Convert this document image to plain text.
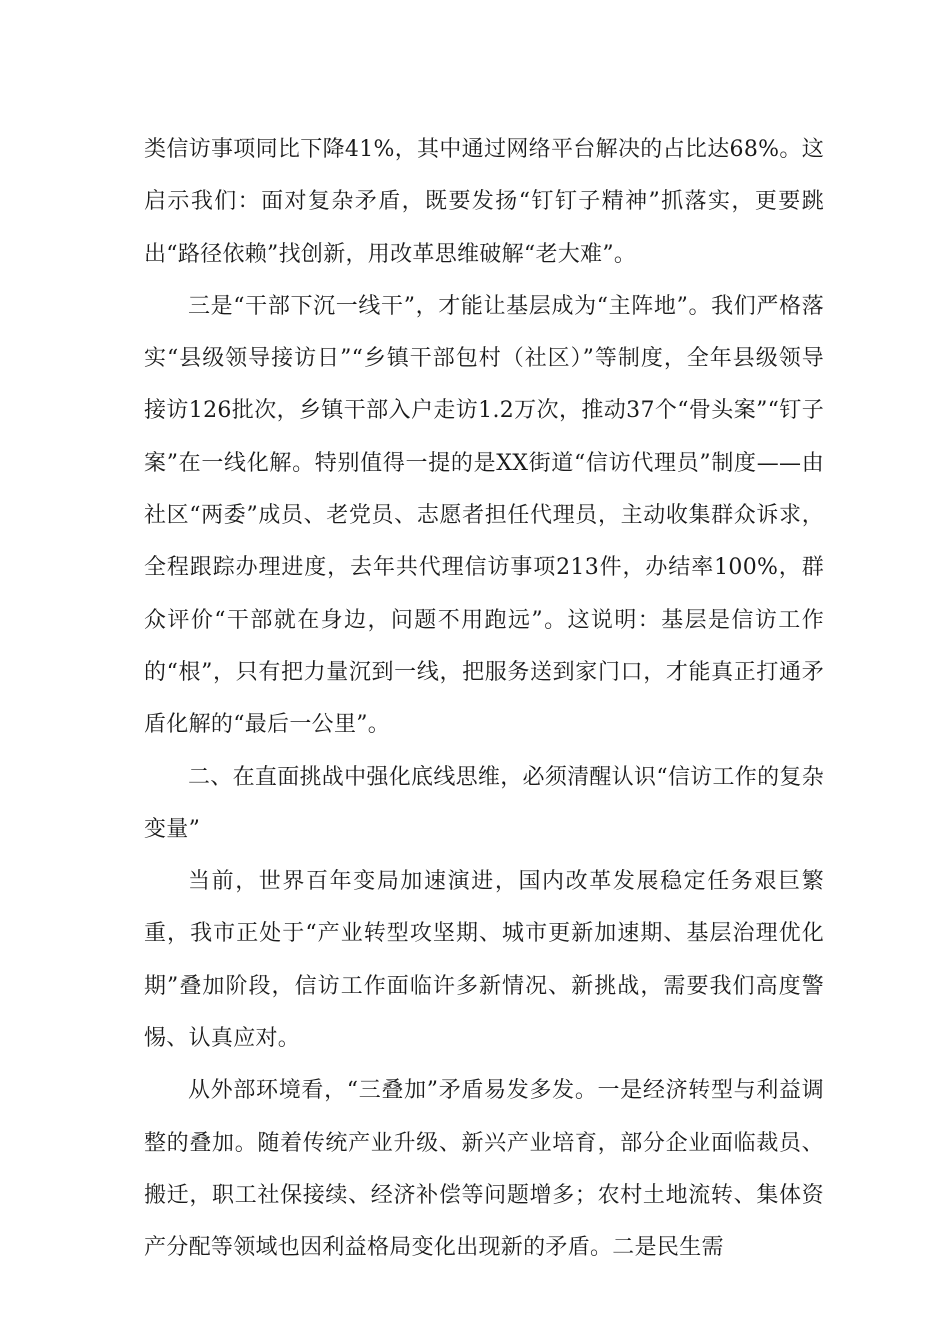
类信访事项同比下降41%，其中通过网络平台解决的占比达68%。这启示我们：面对复杂矛盾，既要发扬“钉钉子精神”抓落实，更要跳出“路径依赖”找创新，用改革思维破解“老大难”。

三是“干部下沉一线干”，才能让基层成为“主阵地”。我们严格落实“县级领导接访日”“乡镇干部包村（社区）”等制度，全年县级领导接访126批次，乡镇干部入户走访1.2万次，推动37个“骨头案”“钉子案”在一线化解。特别值得一提的是XX街道“信访代理员”制度——由社区“两委”成员、老党员、志愿者担任代理员，主动收集群众诉求，全程跟踪办理进度，去年共代理信访事项213件，办结率100%，群众评价“干部就在身边，问题不用跑远”。这说明：基层是信访工作的“根”，只有把力量沉到一线，把服务送到家门口，才能真正打通矛盾化解的“最后一公里”。

二、在直面挑战中强化底线思维，必须清醒认识“信访工作的复杂变量”

当前，世界百年变局加速演进，国内改革发展稳定任务艰巨繁重，我市正处于“产业转型攻坚期、城市更新加速期、基层治理优化期”叠加阶段，信访工作面临许多新情况、新挑战，需要我们高度警惕、认真应对。

从外部环境看，“三叠加”矛盾易发多发。一是经济转型与利益调整的叠加。随着传统产业升级、新兴产业培育，部分企业面临裁员、搬迁，职工社保接续、经济补偿等问题增多；农村土地流转、集体资产分配等领域也因利益格局变化出现新的矛盾。二是民生需
